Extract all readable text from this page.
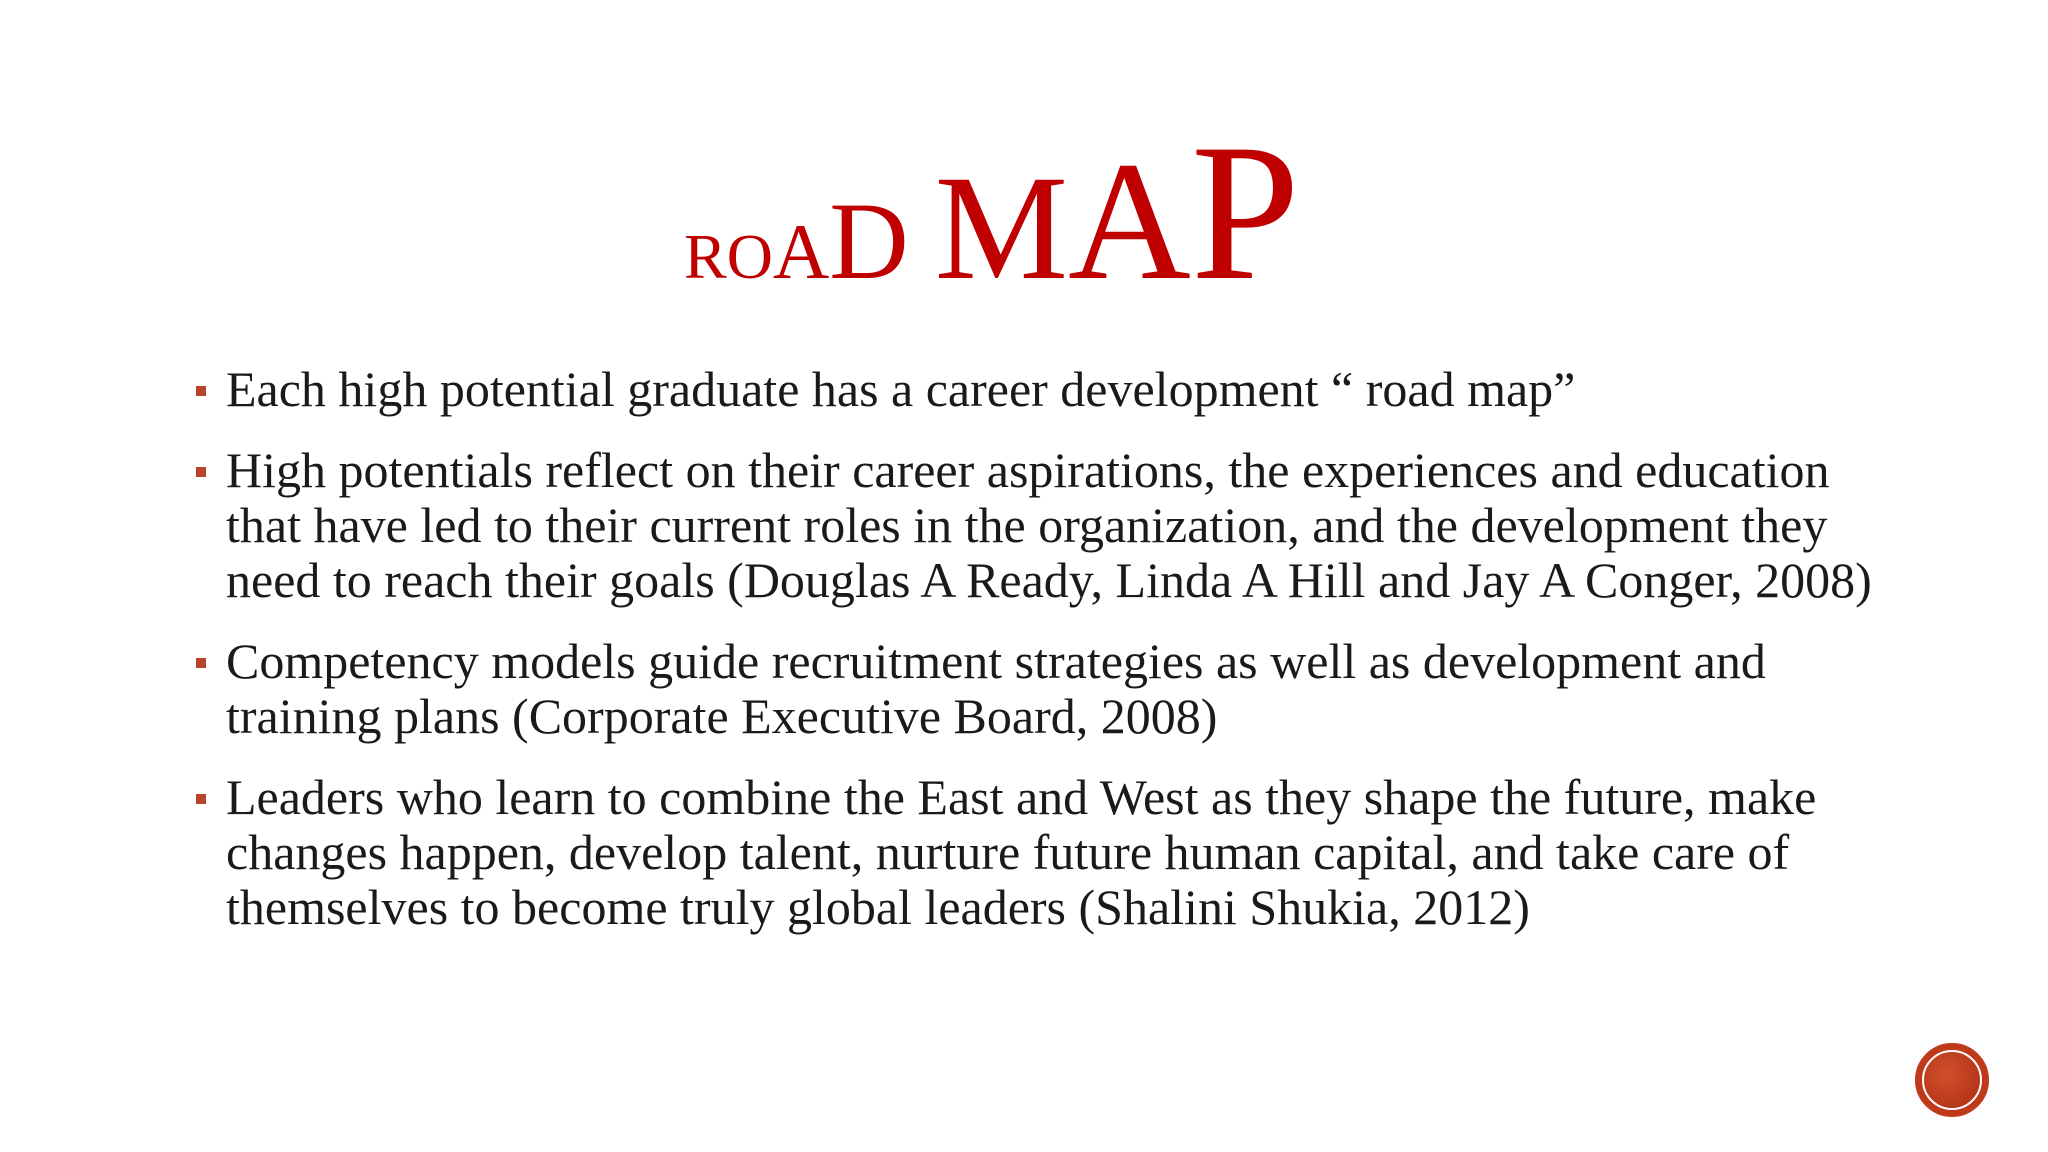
ROAD MAP
Each high potential graduate has a career development “ road map”
High potentials reflect on their career aspirations, the experiences and education that have led to their current roles in the organization, and the development they need to reach their goals (Douglas A Ready, Linda A Hill and Jay A Conger, 2008)
Competency models guide recruitment strategies as well as development and training plans (Corporate Executive Board, 2008)
Leaders who learn to combine the East and West as they shape the future, make changes happen, develop talent, nurture future human capital, and take care of themselves to become truly global leaders (Shalini Shukia, 2012)
